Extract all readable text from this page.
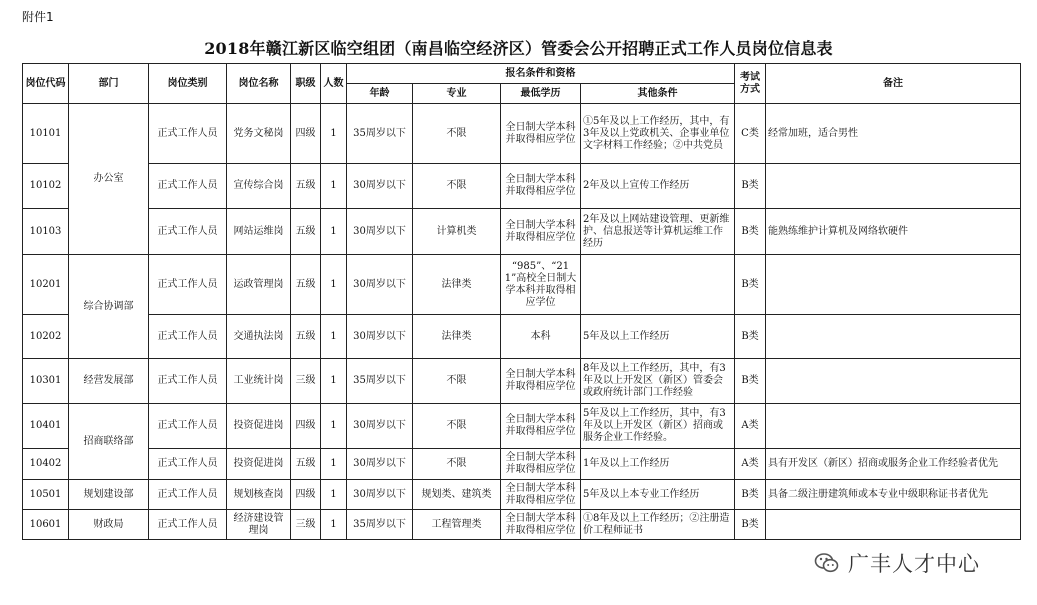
附件1
2018年赣江新区临空组团（南昌临空经济区）管委会公开招聘正式工作人员岗位信息表
岗位代码	部门	岗位类别	岗位名称	职级	人数	报名条件和资格				考试方式	备注
						年龄	专业	最低学历	其他条件		
10101	办公室	正式工作人员	党务文秘岗	四级	1	35周岁以下	不限	全日制大学本科并取得相应学位	①5年及以上工作经历，其中，有3年及以上党政机关、企事业单位文字材料工作经验；②中共党员	C类	经常加班，适合男性
10102		正式工作人员	宣传综合岗	五级	1	30周岁以下	不限	全日制大学本科并取得相应学位	2年及以上宣传工作经历	B类	
10103		正式工作人员	网站运维岗	五级	1	30周岁以下	计算机类	全日制大学本科并取得相应学位	2年及以上网站建设管理、更新维护、信息报送等计算机运维工作经历	B类	能熟练维护计算机及网络软硬件
10201	综合协调部	正式工作人员	运政管理岗	五级	1	30周岁以下	法律类	“985”、“211”高校全日制大学本科并取得相应学位		B类	
10202		正式工作人员	交通执法岗	五级	1	30周岁以下	法律类	本科	5年及以上工作经历	B类	
10301	经营发展部	正式工作人员	工业统计岗	三级	1	35周岁以下	不限	全日制大学本科并取得相应学位	8年及以上工作经历，其中，有3年及以上开发区（新区）管委会或政府统计部门工作经验	B类	
10401	招商联络部	正式工作人员	投资促进岗	四级	1	30周岁以下	不限	全日制大学本科并取得相应学位	5年及以上工作经历，其中，有3年及以上开发区（新区）招商或服务企业工作经验。	A类	
10402		正式工作人员	投资促进岗	五级	1	30周岁以下	不限	全日制大学本科并取得相应学位	1年及以上工作经历	A类	具有开发区（新区）招商或服务企业工作经验者优先
10501	规划建设部	正式工作人员	规划核查岗	四级	1	30周岁以下	规划类、建筑类	全日制大学本科并取得相应学位	5年及以上本专业工作经历	B类	具备二级注册建筑师或本专业中级职称证书者优先
10601	财政局	正式工作人员	经济建设管理岗	三级	1	35周岁以下	工程管理类	全日制大学本科并取得相应学位	①8年及以上工作经历；②注册造价工程师证书	B类	
广丰人才中心
